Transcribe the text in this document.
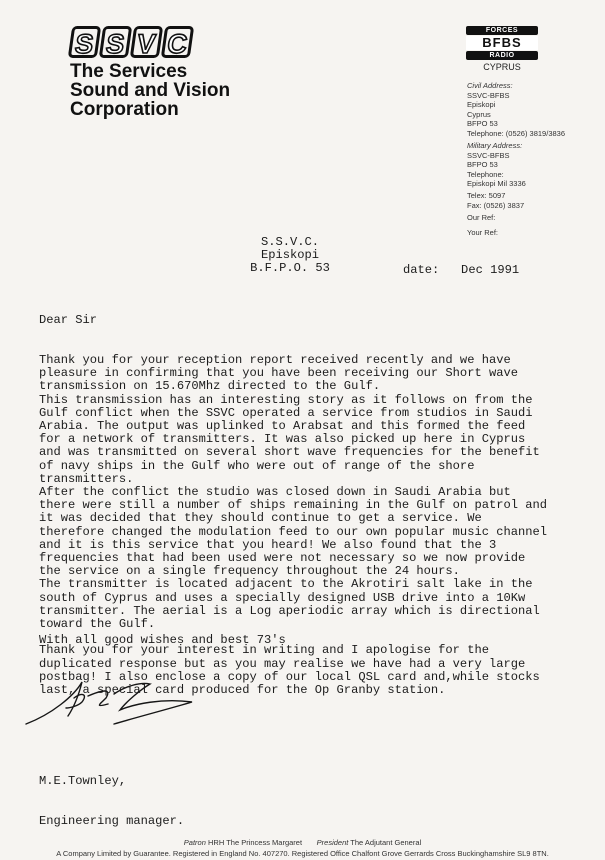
S S V C
The Services
Sound and Vision
Corporation
FORCES
BFBS
RADIO
CYPRUS
Civil Address:
SSVC-BFBS
Episkopi
Cyprus
BFPO 53
Telephone: (0526) 3819/3836
Military Address:
SSVC-BFBS
BFPO 53
Telephone:
Episkopi Mil 3336
Telex: 5097
Fax: (0526) 3837
Our Ref:
Your Ref:
S.S.V.C. Episkopi
B.F.P.O. 53	date:   Dec 1991

Dear Sir

Thank you for your reception report received recently and we have
pleasure in confirming that you have been receiving our Short wave
transmission on 15.670Mhz directed to the Gulf.
This transmission has an interesting story as it follows on from the
Gulf conflict when the SSVC operated a service from studios in Saudi
Arabia. The output was uplinked to Arabsat and this formed the feed
for a network of transmitters. It was also picked up here in Cyprus
and was transmitted on several short wave frequencies for the benefit
of navy ships in the Gulf who were out of range of the shore
transmitters.
After the conflict the studio was closed down in Saudi Arabia but
there were still a number of ships remaining in the Gulf on patrol and
it was decided that they should continue to get a service. We
therefore changed the modulation feed to our own popular music channel
and it is this service that you heard! We also found that the 3
frequencies that had been used were not necessary so we now provide
the service on a single frequency throughout the 24 hours.
The transmitter is located adjacent to the Akrotiri salt lake in the
south of Cyprus and uses a specially designed USB drive into a 10Kw
transmitter. The aerial is a Log aperiodic array which is directional
toward the Gulf.

Thank you for your interest in writing and I apologise for the
duplicated response but as you may realise we have had a very large
postbag! I also enclose a copy of our local QSL card and,while stocks
last, a special card produced for the Op Granby station.

With all good wishes and best 73's

M.E.Townley,

Engineering manager.

Patron HRH The Princess Margaret President The Adjutant General
A Company Limited by Guarantee. Registered in England No. 407270. Registered Office Chalfont Grove Gerrards Cross Buckinghamshire SL9 8TN.
